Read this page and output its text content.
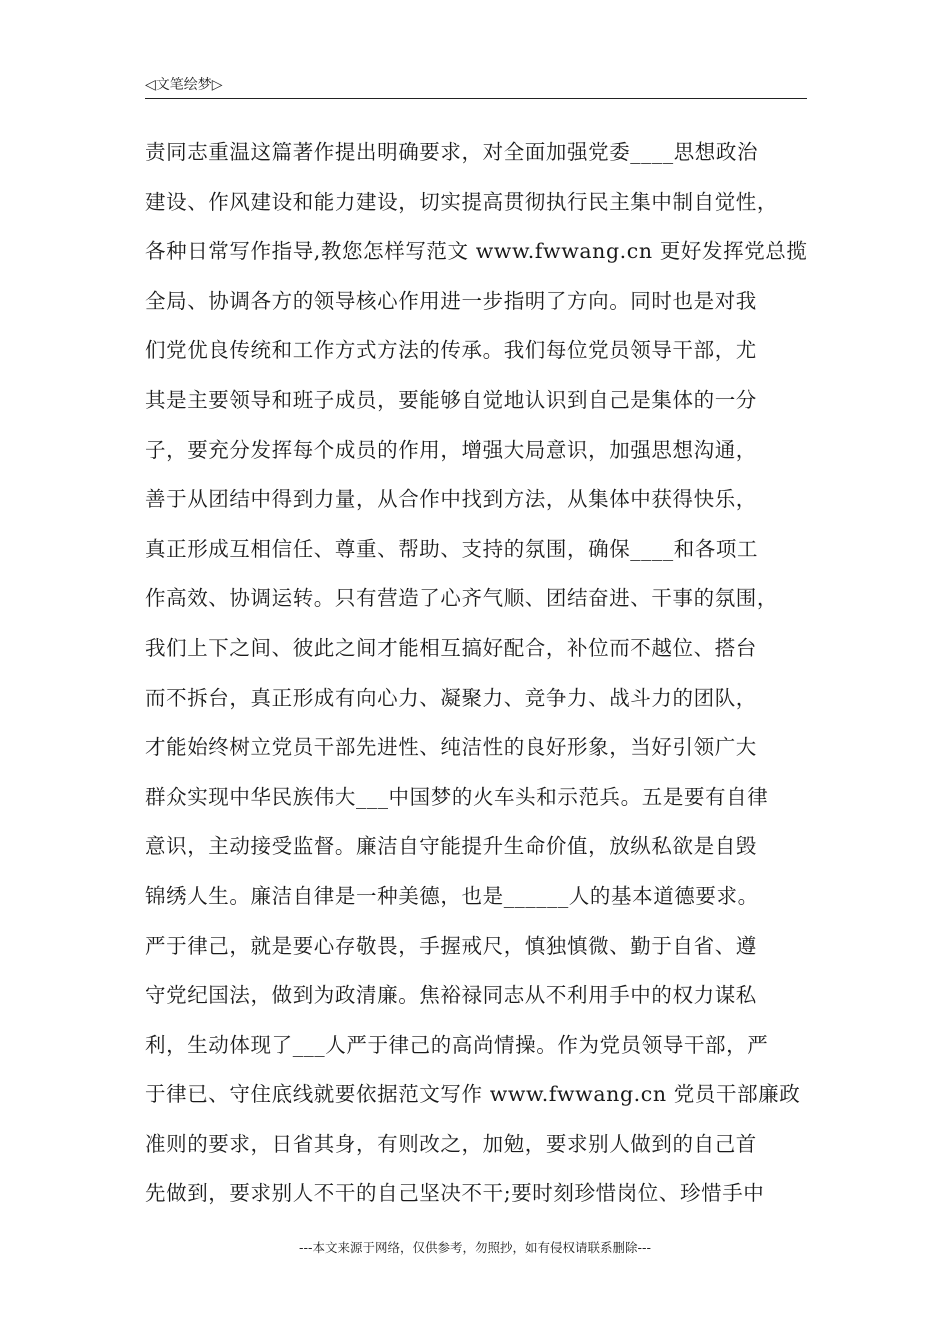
◁文笔绘梦▷
责同志重温这篇著作提出明确要求，对全面加强党委____思想政治
建设、作风建设和能力建设，切实提高贯彻执行民主集中制自觉性，
各种日常写作指导,教您怎样写范文 www.fwwang.cn 更好发挥党总揽
全局、协调各方的领导核心作用进一步指明了方向。同时也是对我
们党优良传统和工作方式方法的传承。我们每位党员领导干部，尤
其是主要领导和班子成员，要能够自觉地认识到自己是集体的一分
子，要充分发挥每个成员的作用，增强大局意识，加强思想沟通，
善于从团结中得到力量，从合作中找到方法，从集体中获得快乐，
真正形成互相信任、尊重、帮助、支持的氛围，确保____和各项工
作高效、协调运转。只有营造了心齐气顺、团结奋进、干事的氛围，
我们上下之间、彼此之间才能相互搞好配合，补位而不越位、搭台
而不拆台，真正形成有向心力、凝聚力、竞争力、战斗力的团队，
才能始终树立党员干部先进性、纯洁性的良好形象，当好引领广大
群众实现中华民族伟大___中国梦的火车头和示范兵。五是要有自律
意识，主动接受监督。廉洁自守能提升生命价值，放纵私欲是自毁
锦绣人生。廉洁自律是一种美德，也是______人的基本道德要求。
严于律己，就是要心存敬畏，手握戒尺，慎独慎微、勤于自省、遵
守党纪国法，做到为政清廉。焦裕禄同志从不利用手中的权力谋私
利，生动体现了___人严于律己的高尚情操。作为党员领导干部，严
于律已、守住底线就要依据范文写作 www.fwwang.cn 党员干部廉政
准则的要求，日省其身，有则改之，加勉，要求别人做到的自己首
先做到，要求别人不干的自己坚决不干;要时刻珍惜岗位、珍惜手中
---本文来源于网络，仅供参考，勿照抄，如有侵权请联系删除---
